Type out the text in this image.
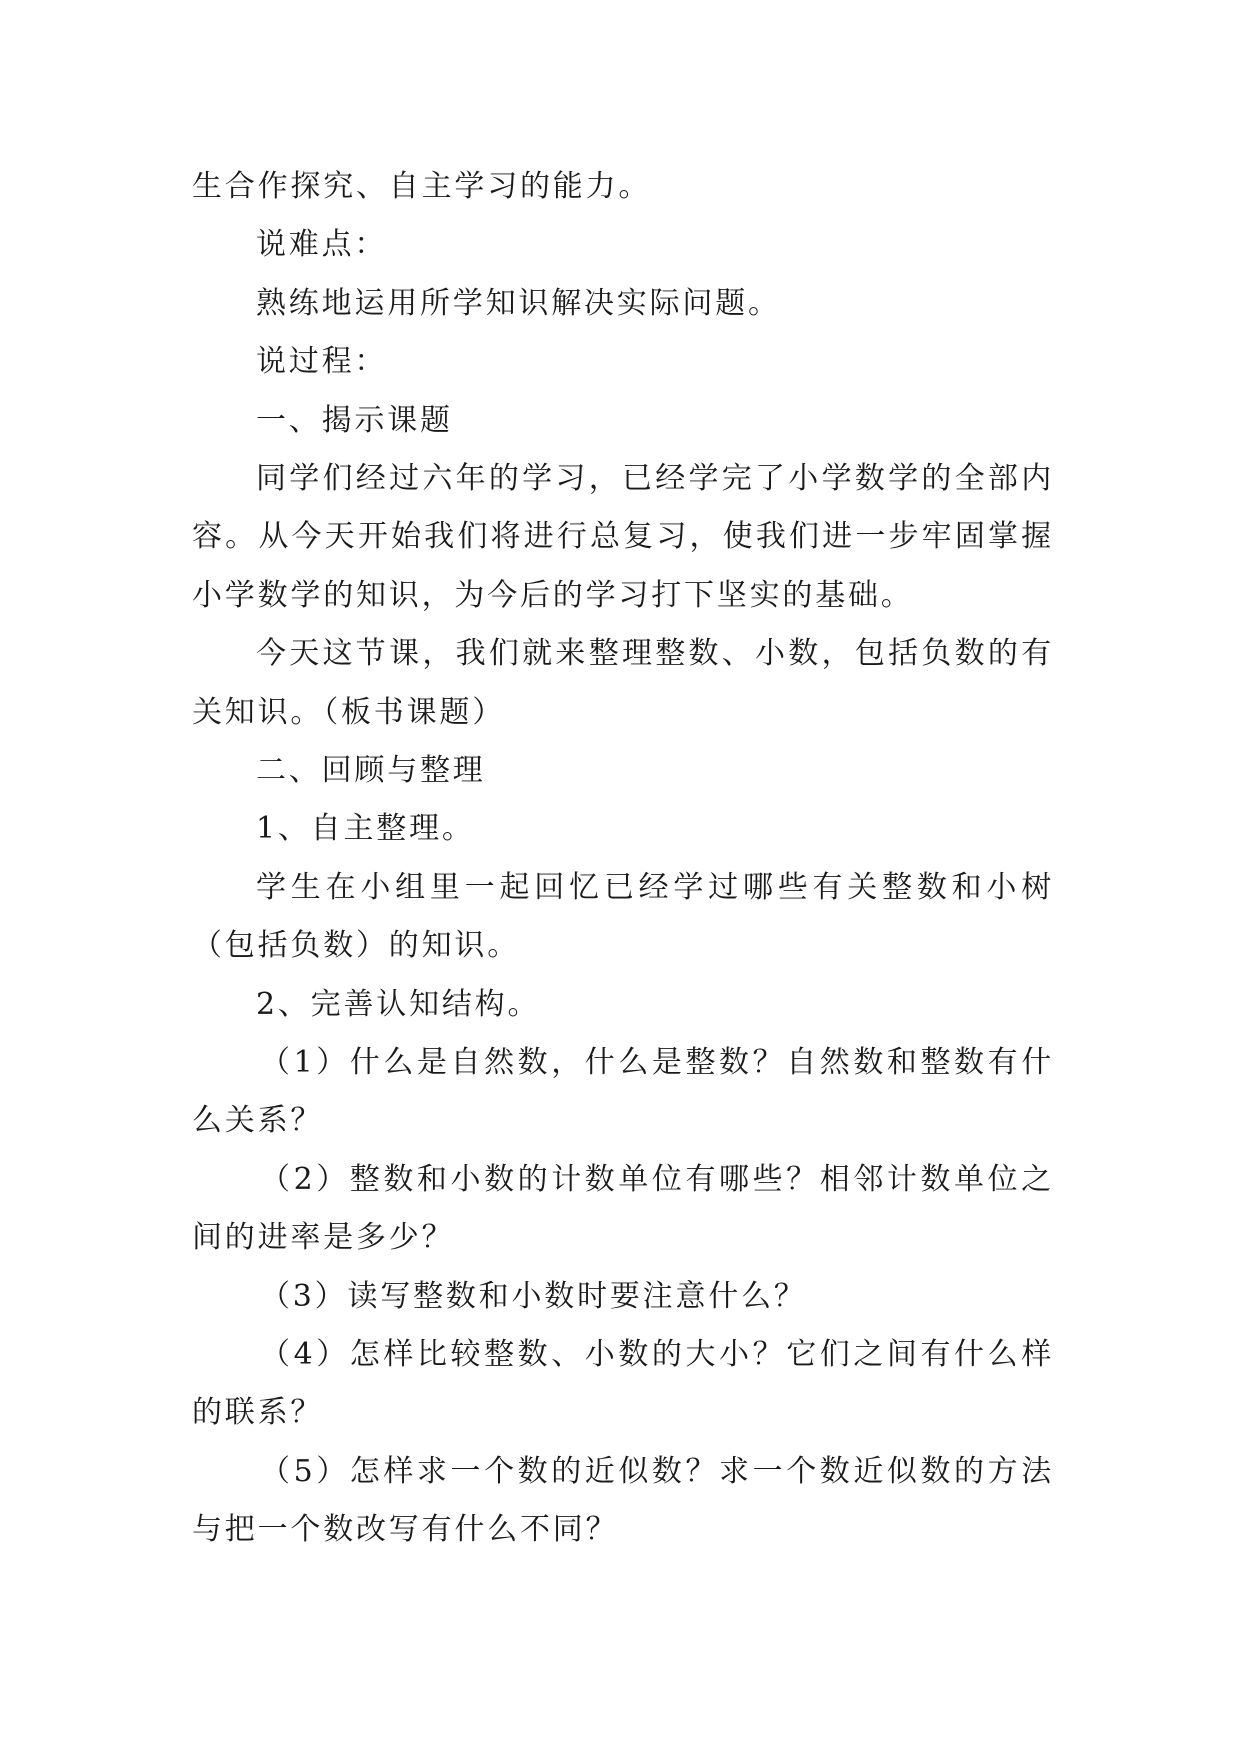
生合作探究、自主学习的能力。
说难点：
熟练地运用所学知识解决实际问题。
说过程：
一、揭示课题
同学们经过六年的学习，已经学完了小学数学的全部内容。从今天开始我们将进行总复习，使我们进一步牢固掌握小学数学的知识，为今后的学习打下坚实的基础。
今天这节课，我们就来整理整数、小数，包括负数的有关知识。（板书课题）
二、回顾与整理
1、自主整理。
学生在小组里一起回忆已经学过哪些有关整数和小树（包括负数）的知识。
2、完善认知结构。
（1）什么是自然数，什么是整数？自然数和整数有什么关系？
（2）整数和小数的计数单位有哪些？相邻计数单位之间的进率是多少？
（3）读写整数和小数时要注意什么？
（4）怎样比较整数、小数的大小？它们之间有什么样的联系？
（5）怎样求一个数的近似数？求一个数近似数的方法与把一个数改写有什么不同？
